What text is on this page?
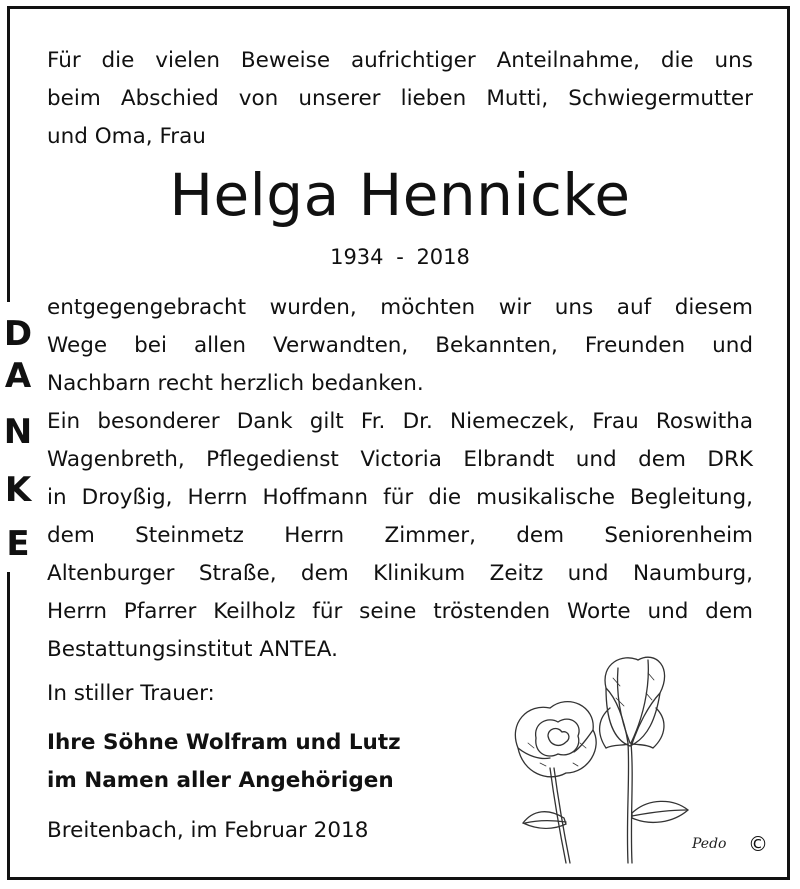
Für die vielen Beweise aufrichtiger Anteilnahme, die uns
beim Abschied von unserer lieben Mutti, Schwiegermutter
und Oma, Frau
Helga Hennicke
1934 - 2018
entgegengebracht wurden, möchten wir uns auf diesem
Wege bei allen Verwandten, Bekannten, Freunden und
Nachbarn recht herzlich bedanken.
Ein besonderer Dank gilt Fr. Dr. Niemeczek, Frau Roswitha
Wagenbreth, Pflegedienst Victoria Elbrandt und dem DRK
in Droyßig, Herrn Hoffmann für die musikalische Begleitung,
dem Steinmetz Herrn Zimmer, dem Seniorenheim
Altenburger Straße, dem Klinikum Zeitz und Naumburg,
Herrn Pfarrer Keilholz für seine tröstenden Worte und dem
Bestattungsinstitut ANTEA.
D
A
N
K
E
In stiller Trauer:
Ihre Söhne Wolfram und Lutz
im Namen aller Angehörigen
Breitenbach, im Februar 2018
Pedo ©
